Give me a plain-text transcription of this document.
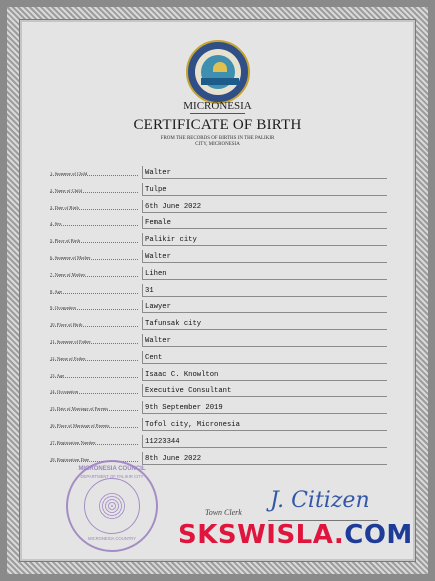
MICRONESIA
CERTIFICATE OF BIRTH
FROM THE RECORDS OF BIRTHS IN THE PALIKIR
CITY, MICRONESIA
1. Surname of Child	Walter
2. Name of Child	Tulpe
3. Date of Birth	6th June 2022
4. Sex	Female
5. Place of Birth	Palikir city
6. Surname of Mother	Walter
7. Name of Mother	Lihen
8. Age	31
9. Occupation	Lawyer
10. Place of Birth	Tafunsak city
11. Surname of Father	Walter
12. Name of Father	Cent
13. Age	Isaac C. Knowlton
14. Occupation	Executive Consultant
15. Date of Marriage of Parents	9th September 2019
16. Place of Marriage of Parents	Tofol city, Micronesia
17. Registration Number	11223344
18. Registration Date	8th June 2022
MICRONESIA COUNCIL
DEPARTMENT OF PALIKIR CITY
MICRONESIA COUNTRY
Town Clerk J. Citizen
SKSWISLA.COM
